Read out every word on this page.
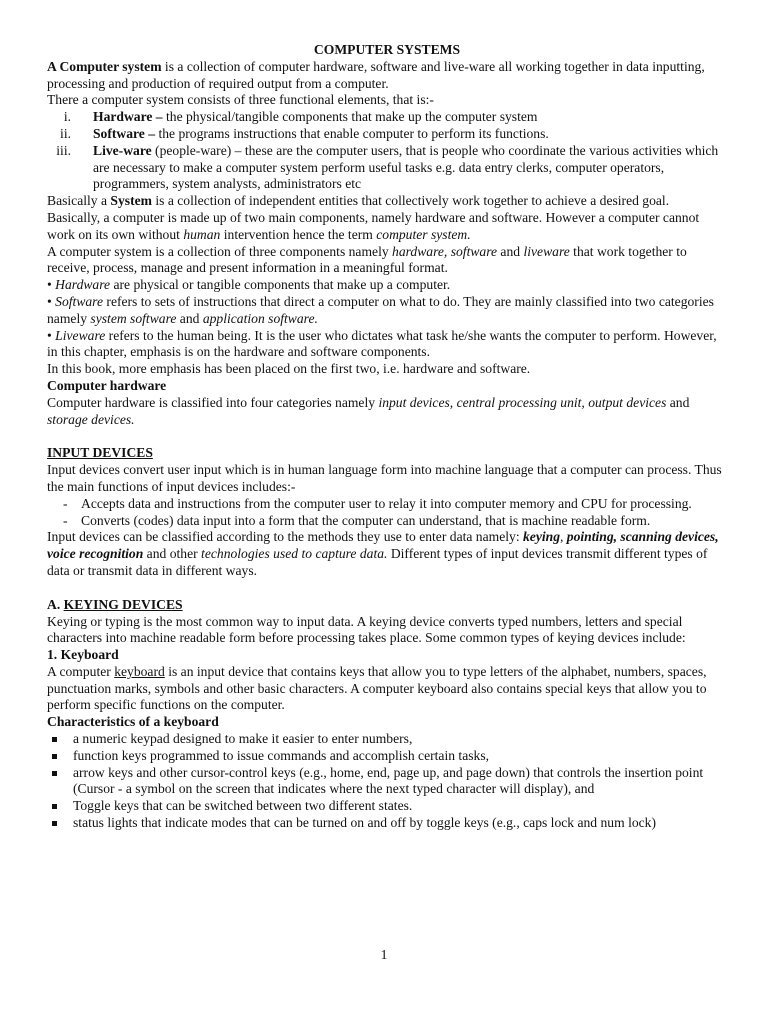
COMPUTER SYSTEMS

A Computer system is a collection of computer hardware, software and live-ware all working together in data inputting, processing and production of required output from a computer.

There a computer system consists of three functional elements, that is:-

i. Hardware – the physical/tangible components that make up the computer system
ii. Software – the programs instructions that enable computer to perform its functions.
iii. Live-ware (people-ware) – these are the computer users, that is people who coordinate the various activities which are necessary to make a computer system perform useful tasks e.g. data entry clerks, computer operators, programmers, system analysts, administrators etc

Basically a System is a collection of independent entities that collectively work together to achieve a desired goal.

Basically, a computer is made up of two main components, namely hardware and software. However a computer cannot work on its own without human intervention hence the term computer system.

A computer system is a collection of three components namely hardware, software and liveware that work together to receive, process, manage and present information in a meaningful format.

• Hardware are physical or tangible components that make up a computer.

• Software refers to sets of instructions that direct a computer on what to do. They are mainly classified into two categories namely system software and application software.

• Liveware refers to the human being. It is the user who dictates what task he/she wants the computer to perform. However, in this chapter, emphasis is on the hardware and software components.

In this book, more emphasis has been placed on the first two, i.e. hardware and software.

Computer hardware

Computer hardware is classified into four categories namely input devices, central processing unit, output devices and storage devices.

INPUT DEVICES

Input devices convert user input which is in human language form into machine language that a computer can process. Thus the main functions of input devices includes:-

- Accepts data and instructions from the computer user to relay it into computer memory and CPU for processing.
- Converts (codes) data input into a form that the computer can understand, that is machine readable form.

Input devices can be classified according to the methods they use to enter data namely: keying, pointing, scanning devices, voice recognition and other technologies used to capture data. Different types of input devices transmit different types of data or transmit data in different ways.

A. KEYING DEVICES

Keying or typing is the most common way to input data. A keying device converts typed numbers, letters and special characters into machine readable form before processing takes place. Some common types of keying devices include:

1. Keyboard

A computer keyboard is an input device that contains keys that allow you to type letters of the alphabet, numbers, spaces, punctuation marks, symbols and other basic characters. A computer keyboard also contains special keys that allow you to perform specific functions on the computer.

Characteristics of a keyboard

a numeric keypad designed to make it easier to enter numbers,
function keys programmed to issue commands and accomplish certain tasks,
arrow keys and other cursor-control keys (e.g., home, end, page up, and page down) that controls the insertion point (Cursor - a symbol on the screen that indicates where the next typed character will display), and
Toggle keys that can be switched between two different states.
status lights that indicate modes that can be turned on and off by toggle keys (e.g., caps lock and num lock)
1
